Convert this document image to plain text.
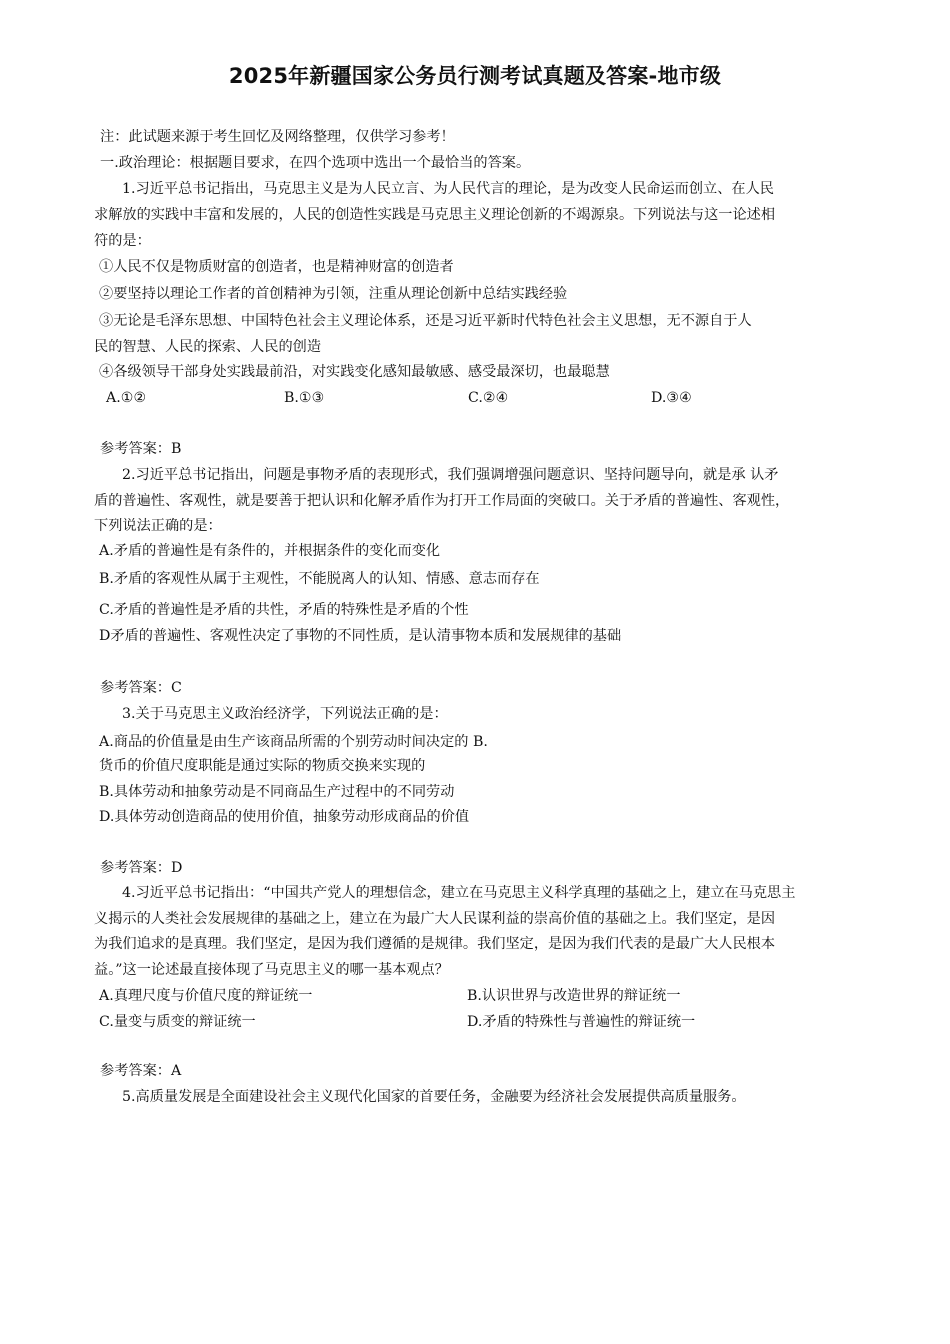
2025年新疆国家公务员行测考试真题及答案-地市级
注：此试题来源于考生回忆及网络整理，仅供学习参考！
一.政治理论：根据题目要求，在四个选项中选出一个最恰当的答案。
1.习近平总书记指出，马克思主义是为人民立言、为人民代言的理论，是为改变人民命运而创立、在人民
求解放的实践中丰富和发展的，人民的创造性实践是马克思主义理论创新的不竭源泉。下列说法与这一论述相
符的是：
①人民不仅是物质财富的创造者，也是精神财富的创造者
②要坚持以理论工作者的首创精神为引领，注重从理论创新中总结实践经验
③无论是毛泽东思想、中国特色社会主义理论体系，还是习近平新时代特色社会主义思想，无不源自于人
民的智慧、人民的探索、人民的创造
④各级领导干部身处实践最前沿，对实践变化感知最敏感、感受最深切，也最聪慧
A.①②	B.①③	C.②④	D.③④
参考答案：B
2.习近平总书记指出，问题是事物矛盾的表现形式，我们强调增强问题意识、坚持问题导向，就是承 认矛
盾的普遍性、客观性，就是要善于把认识和化解矛盾作为打开工作局面的突破口。关于矛盾的普遍性、客观性，
下列说法正确的是：
A.矛盾的普遍性是有条件的，并根据条件的变化而变化
B.矛盾的客观性从属于主观性，不能脱离人的认知、情感、意志而存在
C.矛盾的普遍性是矛盾的共性，矛盾的特殊性是矛盾的个性
D矛盾的普遍性、客观性决定了事物的不同性质，是认清事物本质和发展规律的基础
参考答案：C
3.关于马克思主义政治经济学，下列说法正确的是：
A.商品的价值量是由生产该商品所需的个别劳动时间决定的 B.
货币的价值尺度职能是通过实际的物质交换来实现的
B.具体劳动和抽象劳动是不同商品生产过程中的不同劳动
D.具体劳动创造商品的使用价值，抽象劳动形成商品的价值
参考答案：D
4.习近平总书记指出：“中国共产党人的理想信念，建立在马克思主义科学真理的基础之上，建立在马克思主
义揭示的人类社会发展规律的基础之上，建立在为最广大人民谋利益的崇高价值的基础之上。我们坚定，是因
为我们追求的是真理。我们坚定，是因为我们遵循的是规律。我们坚定，是因为我们代表的是最广大人民根本
益。”这一论述最直接体现了马克思主义的哪一基本观点？
A.真理尺度与价值尺度的辩证统一	B.认识世界与改造世界的辩证统一
C.量变与质变的辩证统一	D.矛盾的特殊性与普遍性的辩证统一
参考答案：A
5.高质量发展是全面建设社会主义现代化国家的首要任务，金融要为经济社会发展提供高质量服务。
